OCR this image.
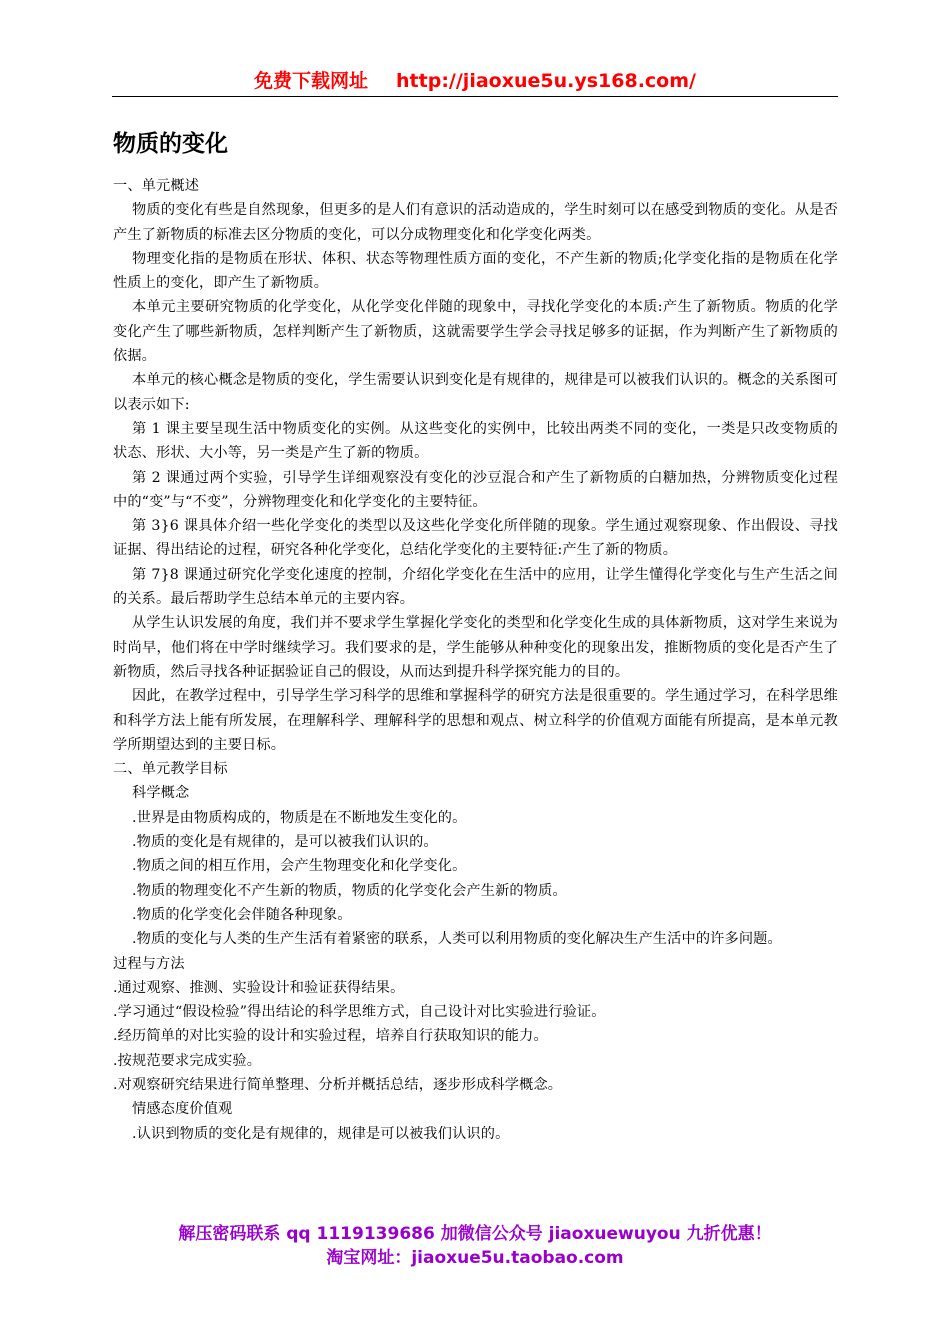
免费下载网址 http://jiaoxue5u.ys168.com/
物质的变化

一、单元概述

物质的变化有些是自然现象，但更多的是人们有意识的活动造成的，学生时刻可以在感受到物质的变化。从是否产生了新物质的标准去区分物质的变化，可以分成物理变化和化学变化两类。

物理变化指的是物质在形状、体积、状态等物理性质方面的变化，不产生新的物质;化学变化指的是物质在化学性质上的变化，即产生了新物质。

本单元主要研究物质的化学变化，从化学变化伴随的现象中，寻找化学变化的本质:产生了新物质。物质的化学变化产生了哪些新物质，怎样判断产生了新物质，这就需要学生学会寻找足够多的证据，作为判断产生了新物质的依据。

本单元的核心概念是物质的变化，学生需要认识到变化是有规律的，规律是可以被我们认识的。概念的关系图可以表示如下:

第 1 课主要呈现生活中物质变化的实例。从这些变化的实例中，比较出两类不同的变化，一类是只改变物质的状态、形状、大小等，另一类是产生了新的物质。

第 2 课通过两个实验，引导学生详细观察没有变化的沙豆混合和产生了新物质的白糖加热，分辨物质变化过程中的“变”与“不变”，分辨物理变化和化学变化的主要特征。

第 3}6 课具体介绍一些化学变化的类型以及这些化学变化所伴随的现象。学生通过观察现象、作出假设、寻找证据、得出结论的过程，研究各种化学变化，总结化学变化的主要特征:产生了新的物质。

第 7}8 课通过研究化学变化速度的控制，介绍化学变化在生活中的应用，让学生懂得化学变化与生产生活之间的关系。最后帮助学生总结本单元的主要内容。

从学生认识发展的角度，我们并不要求学生掌握化学变化的类型和化学变化生成的具体新物质，这对学生来说为时尚早，他们将在中学时继续学习。我们要求的是，学生能够从种种变化的现象出发，推断物质的变化是否产生了新物质，然后寻找各种证据验证自己的假设，从而达到提升科学探究能力的目的。

因此，在教学过程中，引导学生学习科学的思维和掌握科学的研究方法是很重要的。学生通过学习，在科学思维和科学方法上能有所发展，在理解科学、理解科学的思想和观点、树立科学的价值观方面能有所提高，是本单元教学所期望达到的主要日标。

二、单元教学目标

科学概念

.世界是由物质构成的，物质是在不断地发生变化的。

.物质的变化是有规律的，是可以被我们认识的。

.物质之间的相互作用，会产生物理变化和化学变化。

.物质的物理变化不产生新的物质，物质的化学变化会产生新的物质。

.物质的化学变化会伴随各种现象。

.物质的变化与人类的生产生活有着紧密的联系，人类可以利用物质的变化解决生产生活中的许多问题。

过程与方法

.通过观察、推测、实验设计和验证获得结果。

.学习通过“假设检验”得出结论的科学思维方式，自己设计对比实验进行验证。

.经历简单的对比实验的设计和实验过程，培养自行获取知识的能力。

.按规范要求完成实验。

.对观察研究结果进行简单整理、分析并概括总结，逐步形成科学概念。

情感态度价值观

.认识到物质的变化是有规律的，规律是可以被我们认识的。

解压密码联系 qq 1119139686 加微信公众号 jiaoxuewuyou 九折优惠！
淘宝网址：jiaoxue5u.taobao.com
